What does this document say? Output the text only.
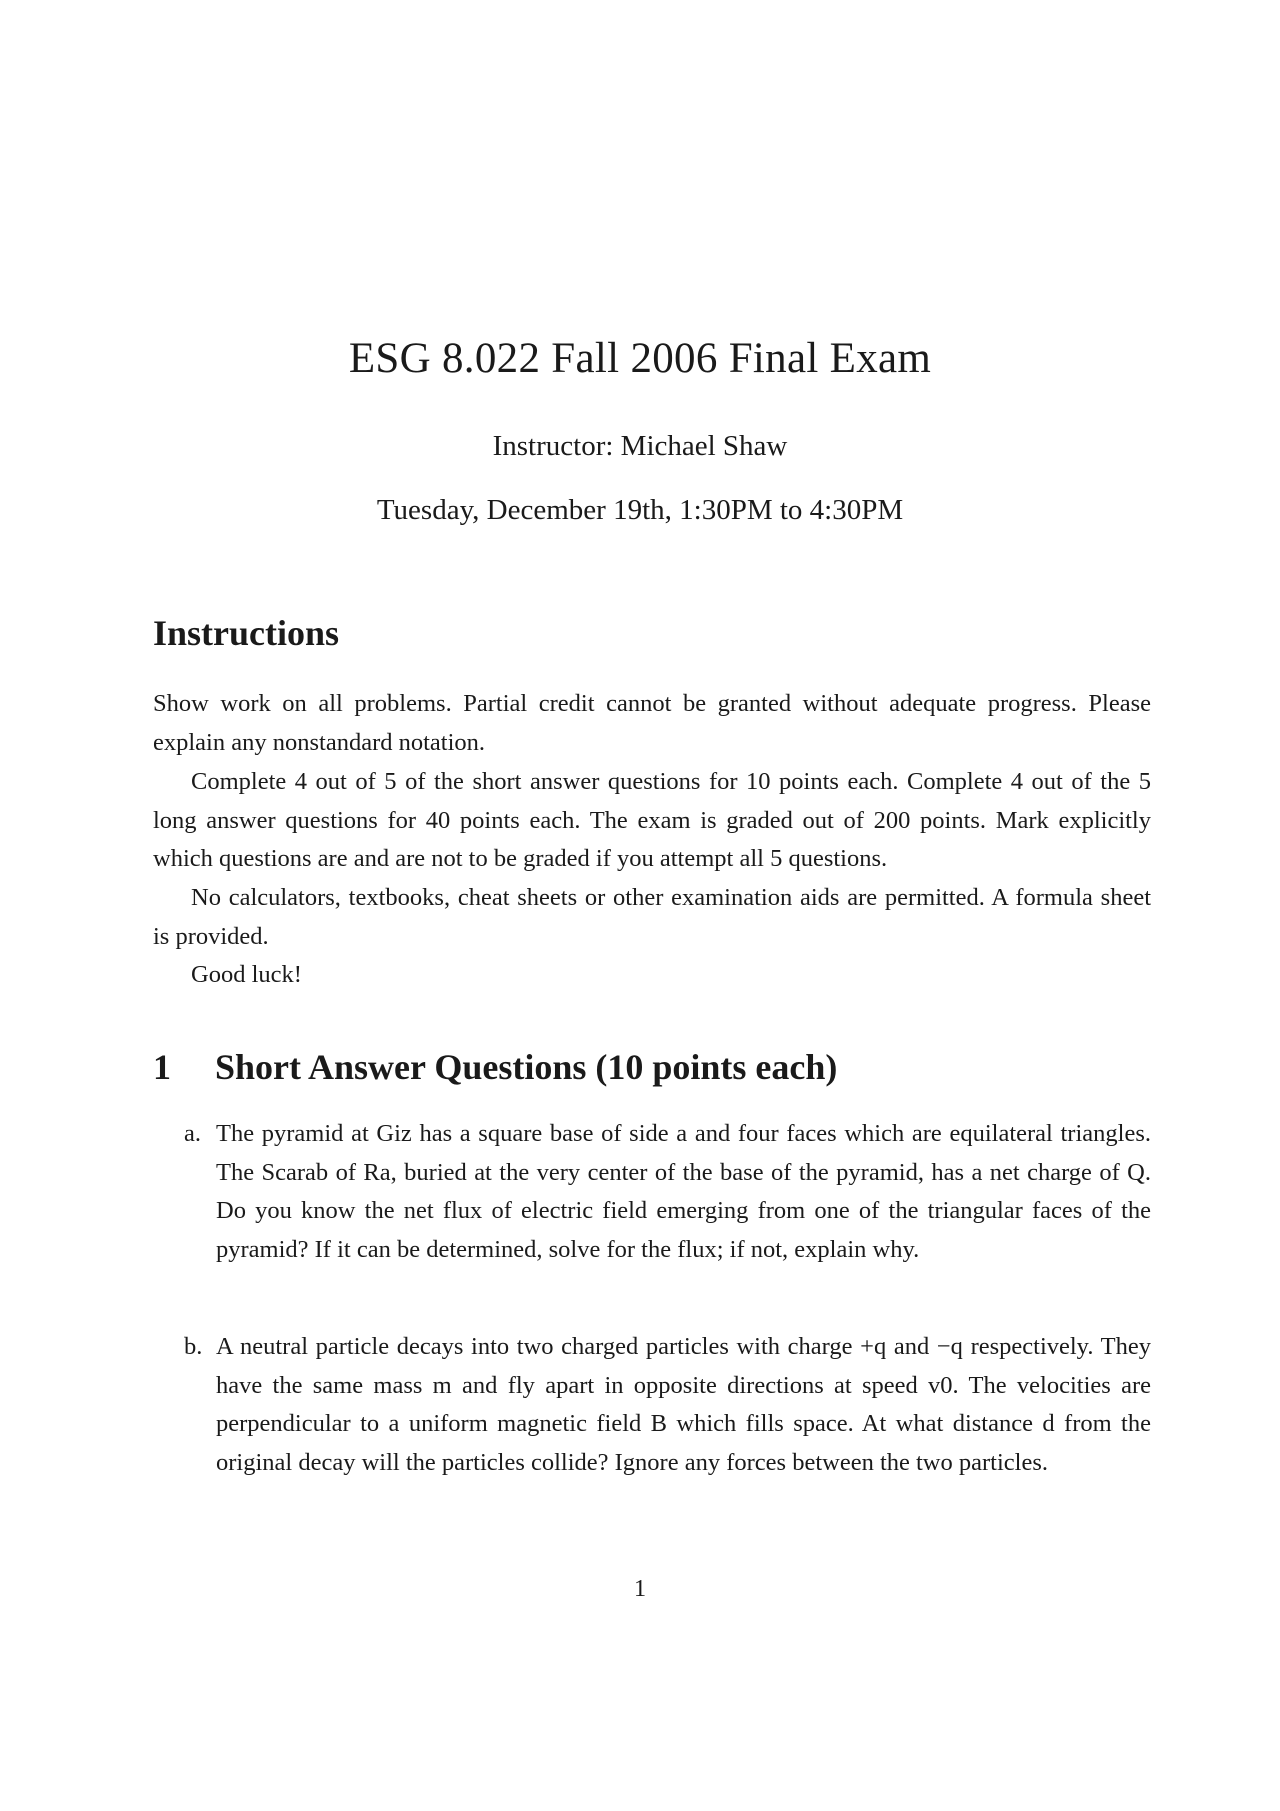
ESG 8.022 Fall 2006 Final Exam
Instructor: Michael Shaw
Tuesday, December 19th, 1:30PM to 4:30PM
Instructions
Show work on all problems. Partial credit cannot be granted without adequate progress. Please explain any nonstandard notation.
Complete 4 out of 5 of the short answer questions for 10 points each. Complete 4 out of the 5 long answer questions for 40 points each. The exam is graded out of 200 points. Mark explicitly which questions are and are not to be graded if you attempt all 5 questions.
No calculators, textbooks, cheat sheets or other examination aids are permitted. A formula sheet is provided.
Good luck!
1 Short Answer Questions (10 points each)
a. The pyramid at Giz has a square base of side a and four faces which are equilateral triangles. The Scarab of Ra, buried at the very center of the base of the pyramid, has a net charge of Q. Do you know the net flux of electric field emerging from one of the triangular faces of the pyramid? If it can be determined, solve for the flux; if not, explain why.
b. A neutral particle decays into two charged particles with charge +q and −q respectively. They have the same mass m and fly apart in opposite directions at speed v0. The velocities are perpendicular to a uniform magnetic field B which fills space. At what distance d from the original decay will the particles collide? Ignore any forces between the two particles.
1
